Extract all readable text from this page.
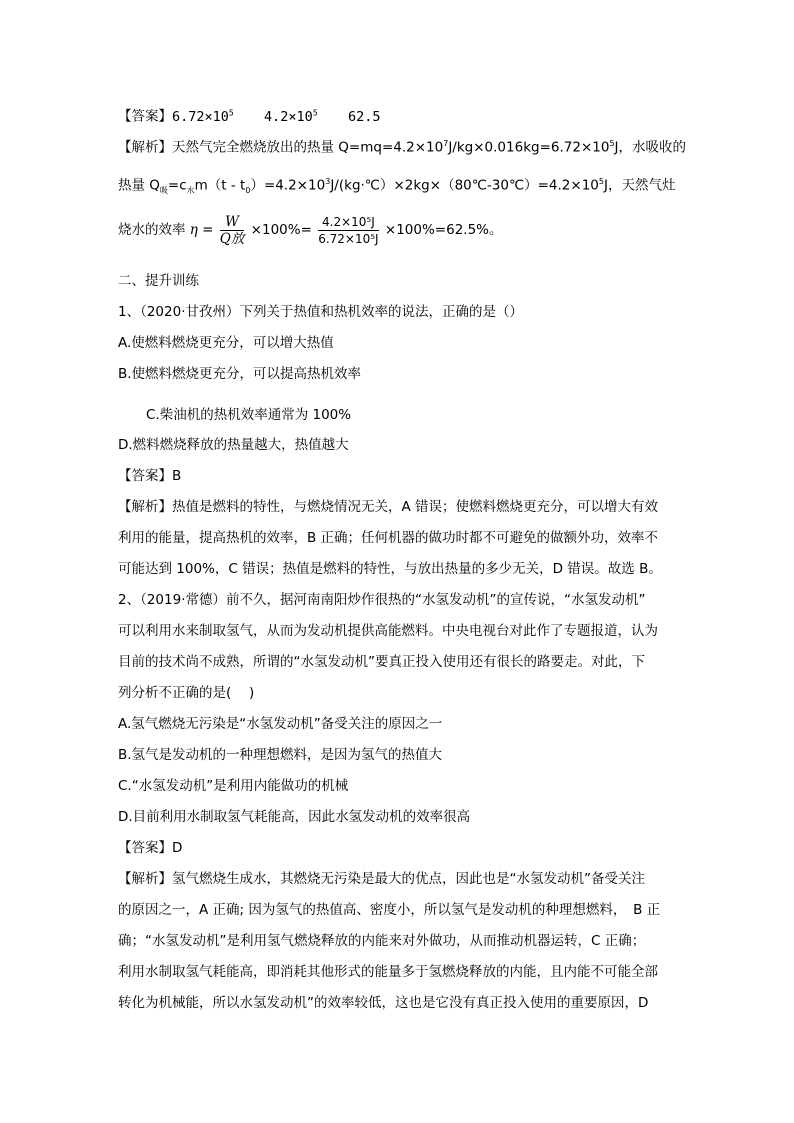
【答案】$6.72\times 10^5$ $4.2\times 10^5$ 62.5
【解析】天然气完全燃烧放出的热量 $Q=mq=4.2\times 10^7J/kg\times 0.016kg=6.72\times 10^5J$，水吸收的
热量 $Q_吸=c_水m(t$ - $t_0)=4.2\times 10^3J/(kg\cdot℃)\times 2kg\times(80℃-30℃)=4.2\times 10^5J$，天然气灶
烧水的效率 $\eta = \frac{W}{\text{Q放}} \times 100\%= \frac{\text{4.2×10⁵J}}{\text{6.72×10⁵J}} \times 100\%=62.5\%$。
二、提升训练
1、（2020·甘孜州）下列关于热值和热机效率的说法，正确的是（）
A.使燃料燃烧更充分，可以增大热值
B.使燃料燃烧更充分，可以提高热机效率
C.柴油机的热机效率通常为 100%
D.燃料燃烧释放的热量越大，热值越大
【答案】B
【解析】热值是燃料的特性，与燃烧情况无关，A 错误；使燃料燃烧更充分，可以增大有效
利用的能量，提高热机的效率，B 正确；任何机器的做功时都不可避免的做额外功，效率不
可能达到 100%，C 错误；热值是燃料的特性，与放出热量的多少无关，D 错误。故选 B。
2、（2019·常德）前不久，据河南南阳炒作很热的“水氢发动机”的宣传说，“水氢发动机”
可以利用水来制取氢气，从而为发动机提供高能燃料。中央电视台对此作了专题报道，认为
目前的技术尚不成熟，所谓的“水氢发动机”要真正投入使用还有很长的路要走。对此，下
列分析不正确的是(　 )
A.氢气燃烧无污染是“水氢发动机”备受关注的原因之一
B.氢气是发动机的一种理想燃料，是因为氢气的热值大
C.“水氢发动机”是利用内能做功的机械
D.目前利用水制取氢气耗能高，因此水氢发动机的效率很高
【答案】D
【解析】氢气燃烧生成水，其燃烧无污染是最大的优点，因此也是“水氢发动机”备受关注
的原因之一，A 正确; 因为氢气的热值高、密度小，所以氢气是发动机的种理想燃料，　B 正
确；“水氢发动机”是利用氢气燃烧释放的内能来对外做功，从而推动机器运转，C 正确；
利用水制取氢气耗能高，即消耗其他形式的能量多于氢燃烧释放的内能，且内能不可能全部
转化为机械能，所以水氢发动机”的效率较低，这也是它没有真正投入使用的重要原因，D
